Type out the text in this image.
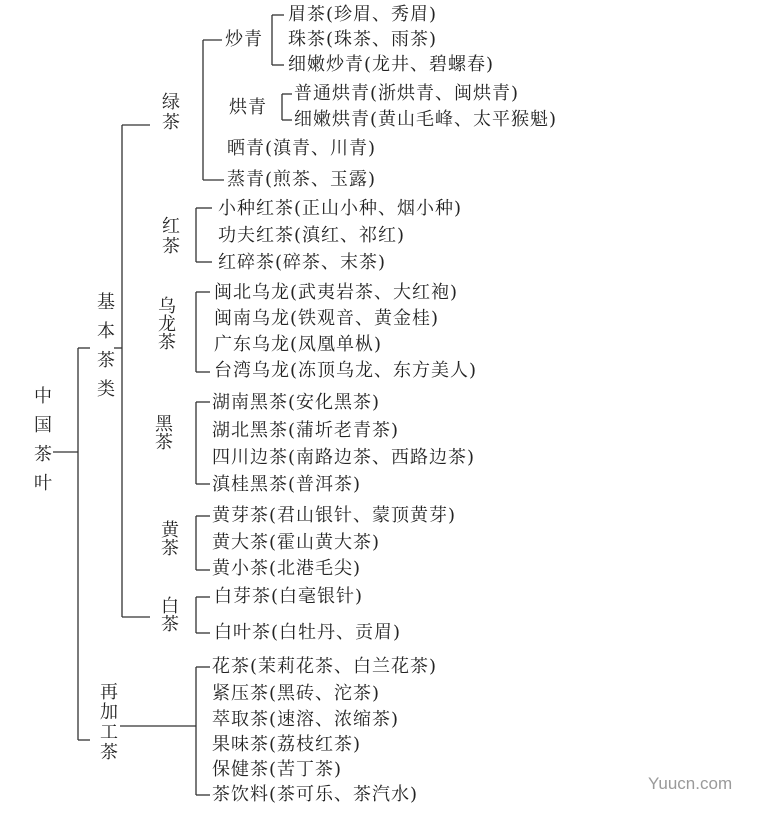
中国茶叶
基本茶类
再加工茶
绿茶
红茶
乌龙茶
黑茶
黄茶
白茶
炒青
烘青
晒青(滇青、川青)
蒸青(煎茶、玉露)
眉茶(珍眉、秀眉)
珠茶(珠茶、雨茶)
细嫩炒青(龙井、碧螺春)
普通烘青(浙烘青、闽烘青)
细嫩烘青(黄山毛峰、太平猴魁)
小种红茶(正山小种、烟小种)
功夫红茶(滇红、祁红)
红碎茶(碎茶、末茶)
闽北乌龙(武夷岩茶、大红袍)
闽南乌龙(铁观音、黄金桂)
广东乌龙(凤凰单枞)
台湾乌龙(冻顶乌龙、东方美人)
湖南黑茶(安化黑茶)
湖北黑茶(蒲圻老青茶)
四川边茶(南路边茶、西路边茶)
滇桂黑茶(普洱茶)
黄芽茶(君山银针、蒙顶黄芽)
黄大茶(霍山黄大茶)
黄小茶(北港毛尖)
白芽茶(白毫银针)
白叶茶(白牡丹、贡眉)
花茶(茉莉花茶、白兰花茶)
紧压茶(黑砖、沱茶)
萃取茶(速溶、浓缩茶)
果味茶(荔枝红茶)
保健茶(苦丁茶)
茶饮料(茶可乐、茶汽水)
Yuucn.com
